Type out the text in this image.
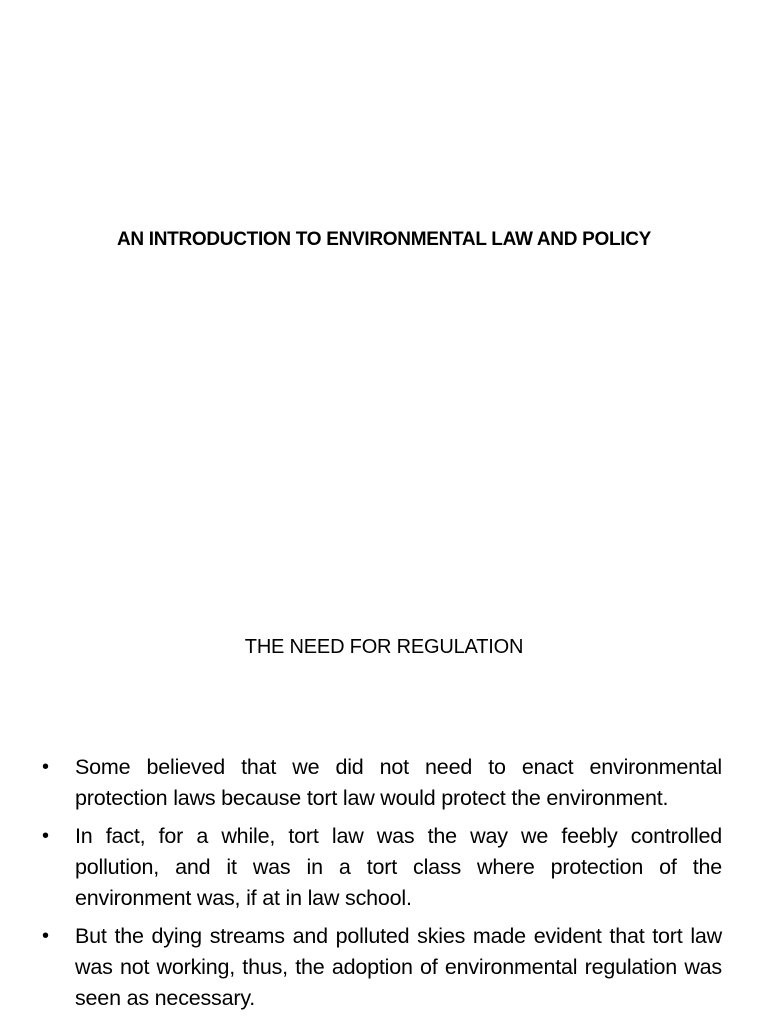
AN INTRODUCTION TO ENVIRONMENTAL LAW AND POLICY
THE NEED FOR REGULATION
• Some believed that we did not need to enact environmental protection laws because tort law would protect the environment.
• In fact, for a while, tort law was the way we feebly controlled pollution, and it was in a tort class where protection of the environment was, if at in law school.
• But the dying streams and polluted skies made evident that tort law was not working, thus, the adoption of environmental regulation was seen as necessary.
